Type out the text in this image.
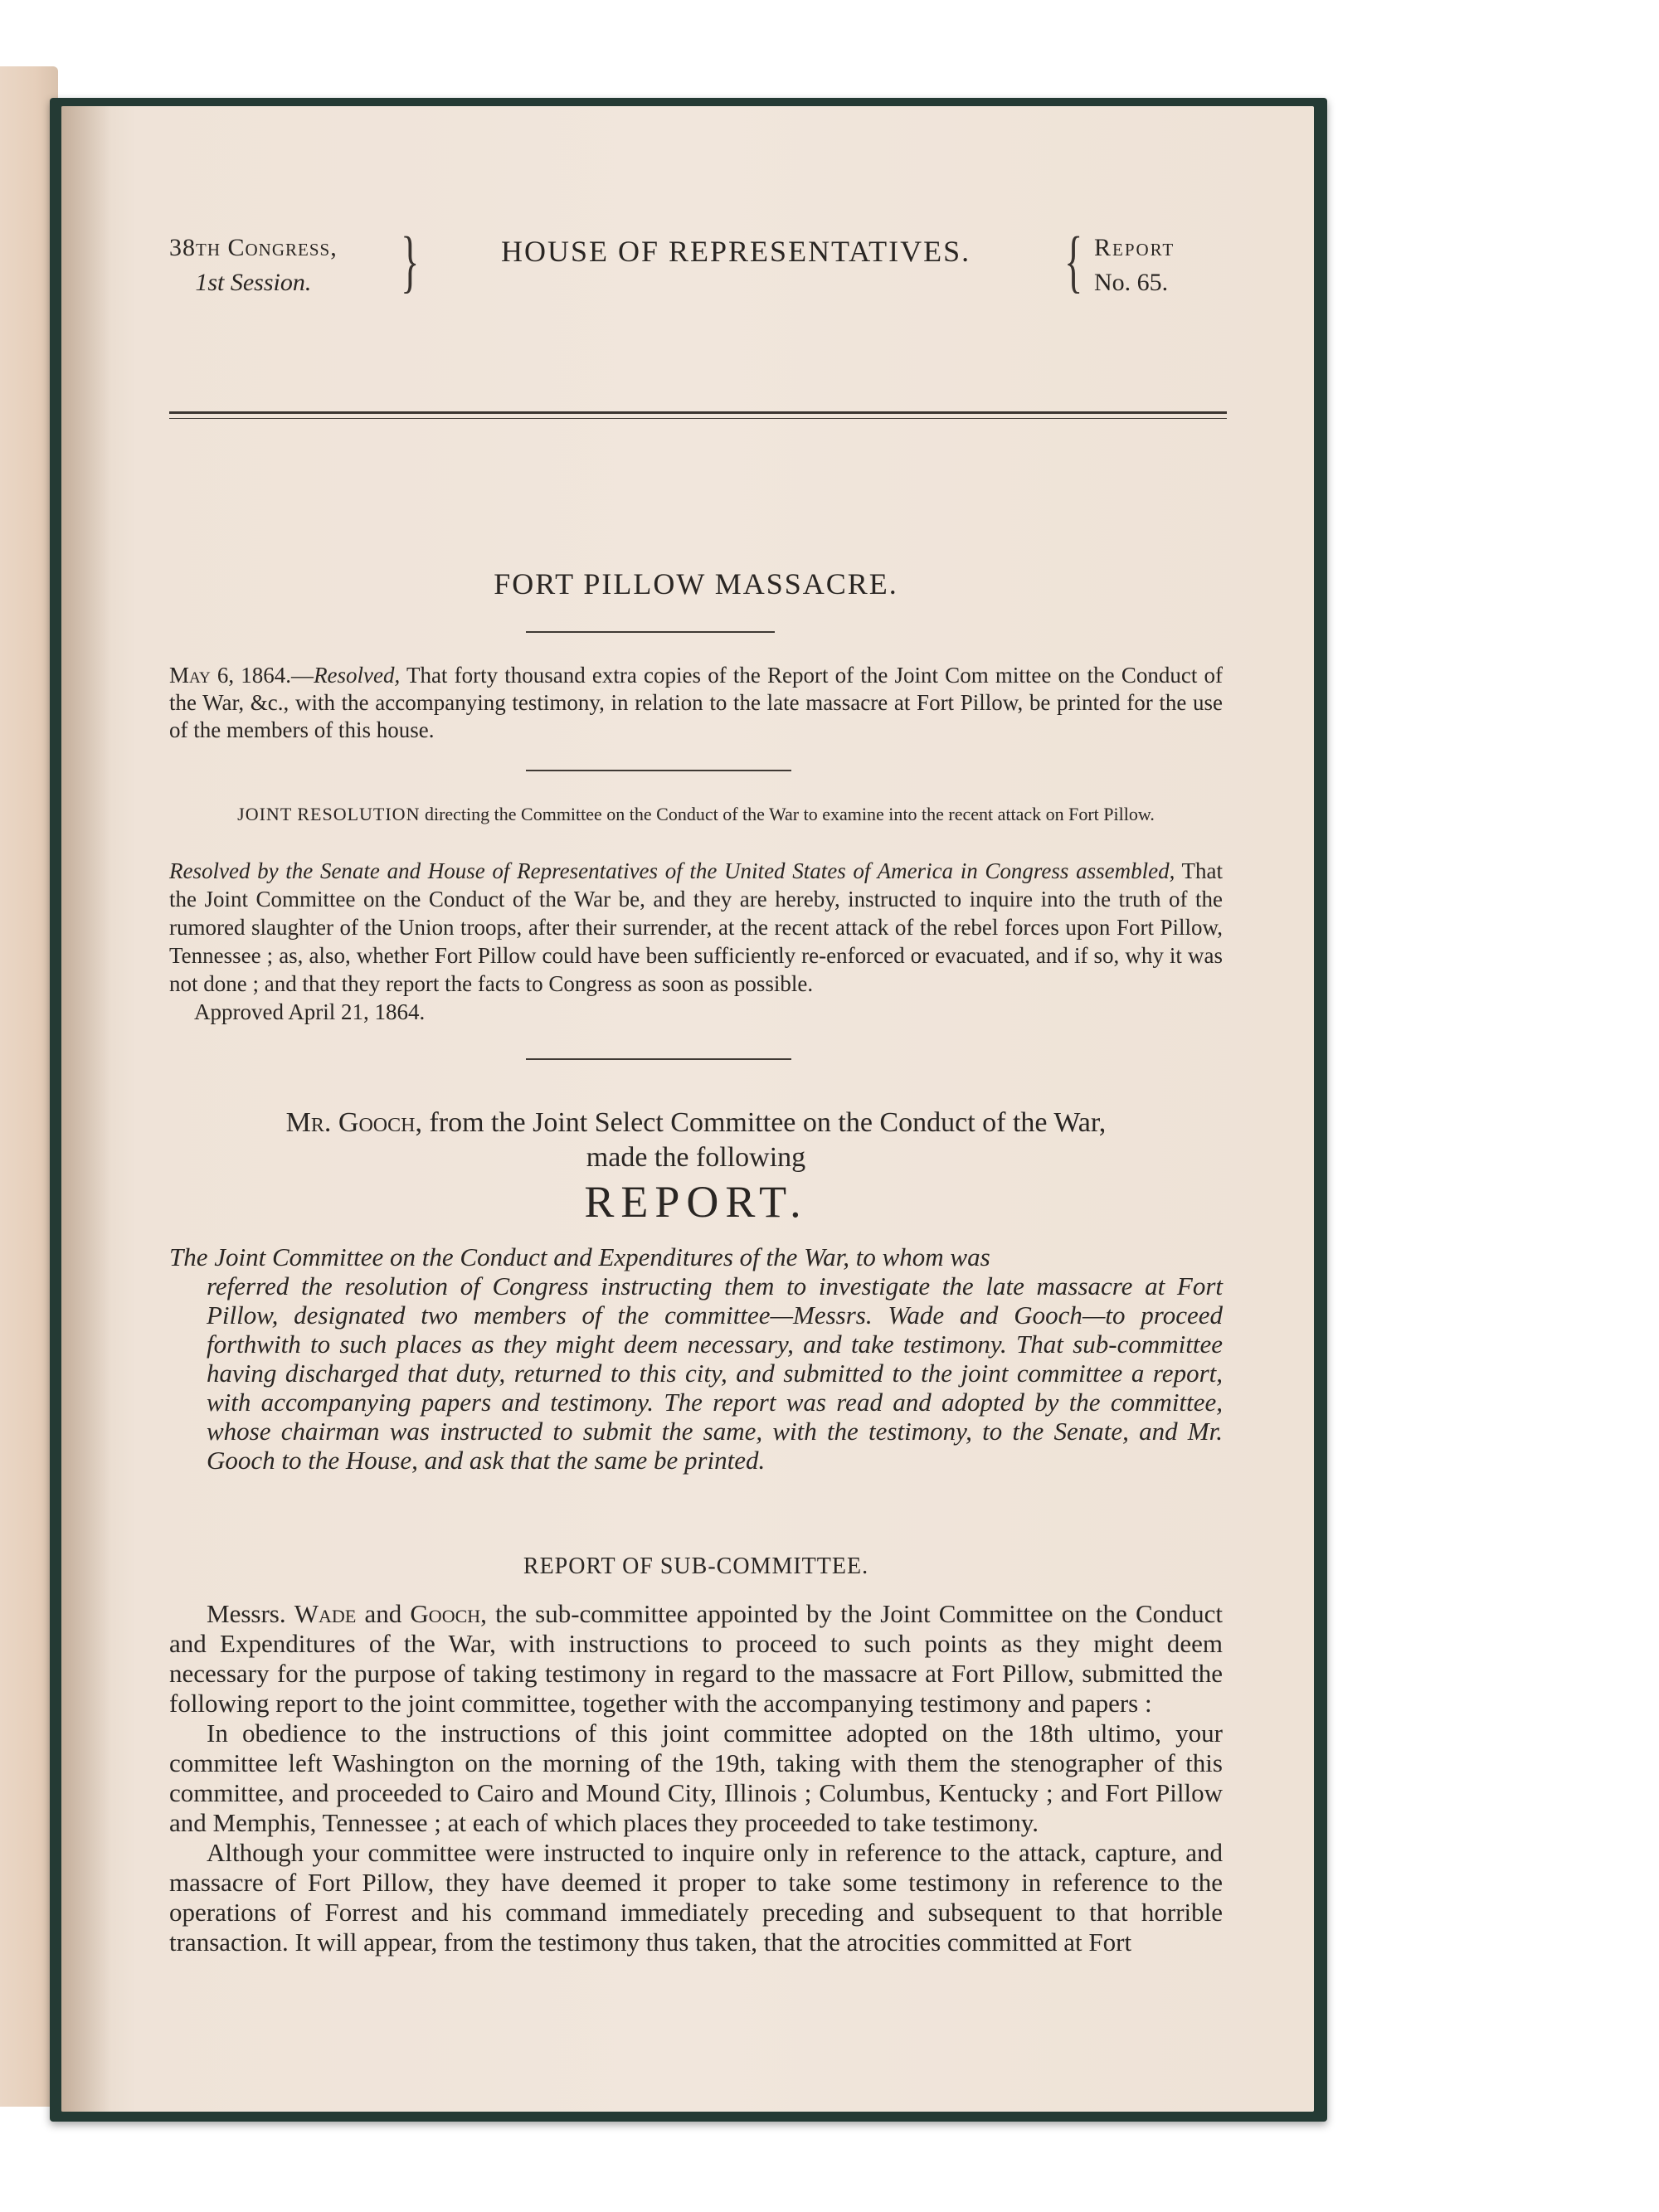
38th Congress,
1st Session.	}	HOUSE OF REPRESENTATIVES. { Report
No. 65.
FORT PILLOW MASSACRE.
May 6, 1864.—Resolved, That forty thousand extra copies of the Report of the Joint Com mittee on the Conduct of the War, &c., with the accompanying testimony, in relation to the late massacre at Fort Pillow, be printed for the use of the members of this house.
JOINT RESOLUTION directing the Committee on the Conduct of the War to examine into the recent attack on Fort Pillow.
Resolved by the Senate and House of Representatives of the United States of America in Congress assembled, That the Joint Committee on the Conduct of the War be, and they are hereby, instructed to inquire into the truth of the rumored slaughter of the Union troops, after their surrender, at the recent attack of the rebel forces upon Fort Pillow, Tennessee ; as, also, whether Fort Pillow could have been sufficiently re-enforced or evacuated, and if so, why it was not done ; and that they report the facts to Congress as soon as possible.
Approved April 21, 1864.
Mr. Gooch, from the Joint Select Committee on the Conduct of the War,
made the following
REPORT.
The Joint Committee on the Conduct and Expenditures of the War, to whom was
referred the resolution of Congress instructing them to investigate the late massacre at Fort Pillow, designated two members of the committee—Messrs. Wade and Gooch—to proceed forthwith to such places as they might deem necessary, and take testimony. That sub-committee having discharged that duty, returned to this city, and submitted to the joint committee a report, with accompanying papers and testimony. The report was read and adopted by the committee, whose chairman was instructed to submit the same, with the testimony, to the Senate, and Mr. Gooch to the House, and ask that the same be printed.
REPORT OF SUB-COMMITTEE.

Messrs. Wade and Gooch, the sub-committee appointed by the Joint Committee on the Conduct and Expenditures of the War, with instructions to proceed to such points as they might deem necessary for the purpose of taking testimony in regard to the massacre at Fort Pillow, submitted the following report to the joint committee, together with the accompanying testimony and papers :

In obedience to the instructions of this joint committee adopted on the 18th ultimo, your committee left Washington on the morning of the 19th, taking with them the stenographer of this committee, and proceeded to Cairo and Mound City, Illinois ; Columbus, Kentucky ; and Fort Pillow and Memphis, Tennessee ; at each of which places they proceeded to take testimony.

Although your committee were instructed to inquire only in reference to the attack, capture, and massacre of Fort Pillow, they have deemed it proper to take some testimony in reference to the operations of Forrest and his command immediately preceding and subsequent to that horrible transaction. It will appear, from the testimony thus taken, that the atrocities committed at Fort
